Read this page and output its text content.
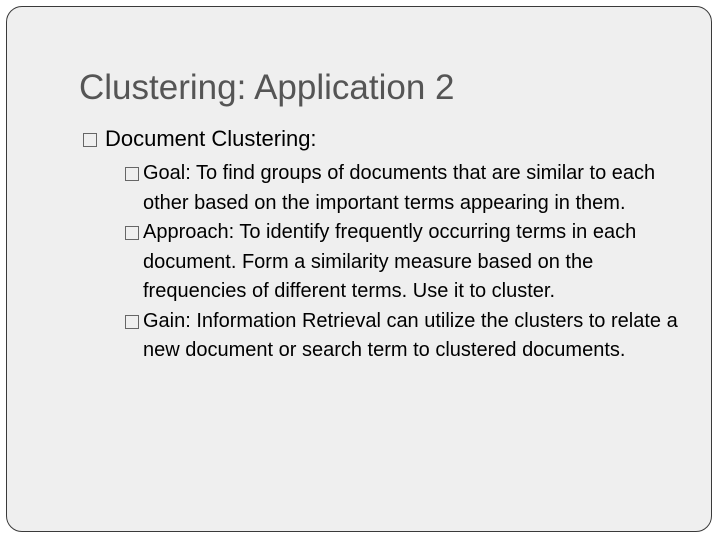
Clustering: Application 2
Document Clustering:
Goal: To find groups of documents that are similar to each other based on the important terms appearing in them.
Approach: To identify frequently occurring terms in each document. Form a similarity measure based on the frequencies of different terms. Use it to cluster.
Gain: Information Retrieval can utilize the clusters to relate a new document or search term to clustered documents.
